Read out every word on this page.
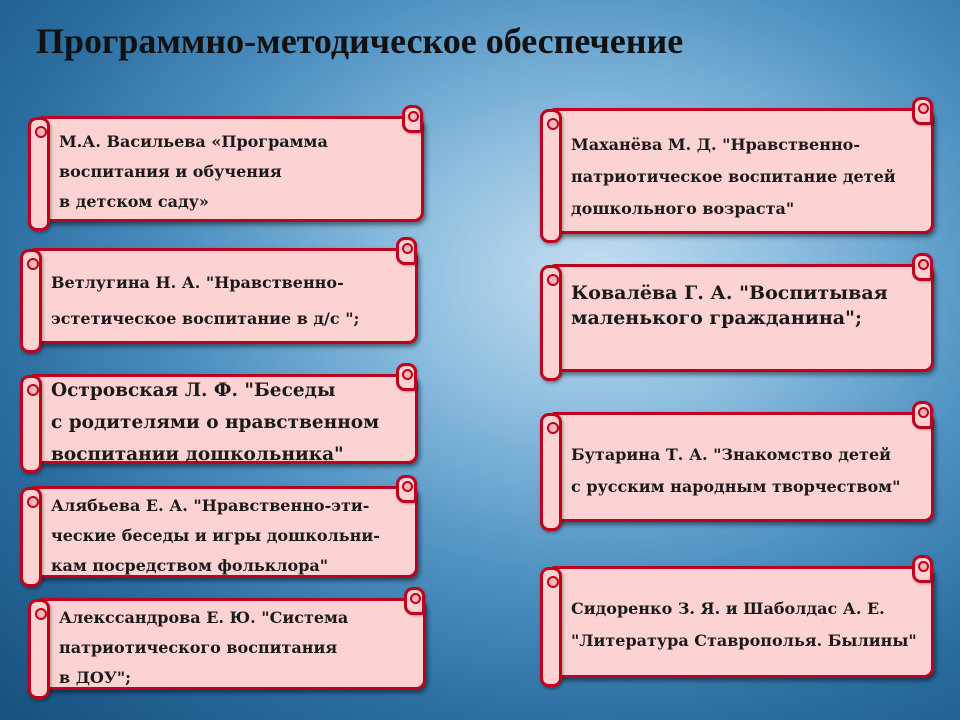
Программно-методическое обеспечение
М.А. Васильева «Программа
воспитания и обучения
в детском саду»
Ветлугина Н. А. "Нравственно-
эстетическое воспитание в д/с ";
Островская Л. Ф. "Беседы
с родителями о нравственном
воспитании дошкольника"
Алябьева Е. А. "Нравственно-эти-
ческие беседы и игры дошкольни-
кам посредством фольклора"
Алекссандрова Е. Ю. "Система
патриотического воспитания
в ДОУ";
Маханёва М. Д. "Нравственно-
патриотическое воспитание детей
дошкольного возраста"
Ковалёва Г. А. "Воспитывая
маленького гражданина";
Бутарина Т. А. "Знакомство детей
с русским народным творчеством"
Сидоренко З. Я. и Шаболдас А. Е.
"Литература Ставрополья. Былины"
